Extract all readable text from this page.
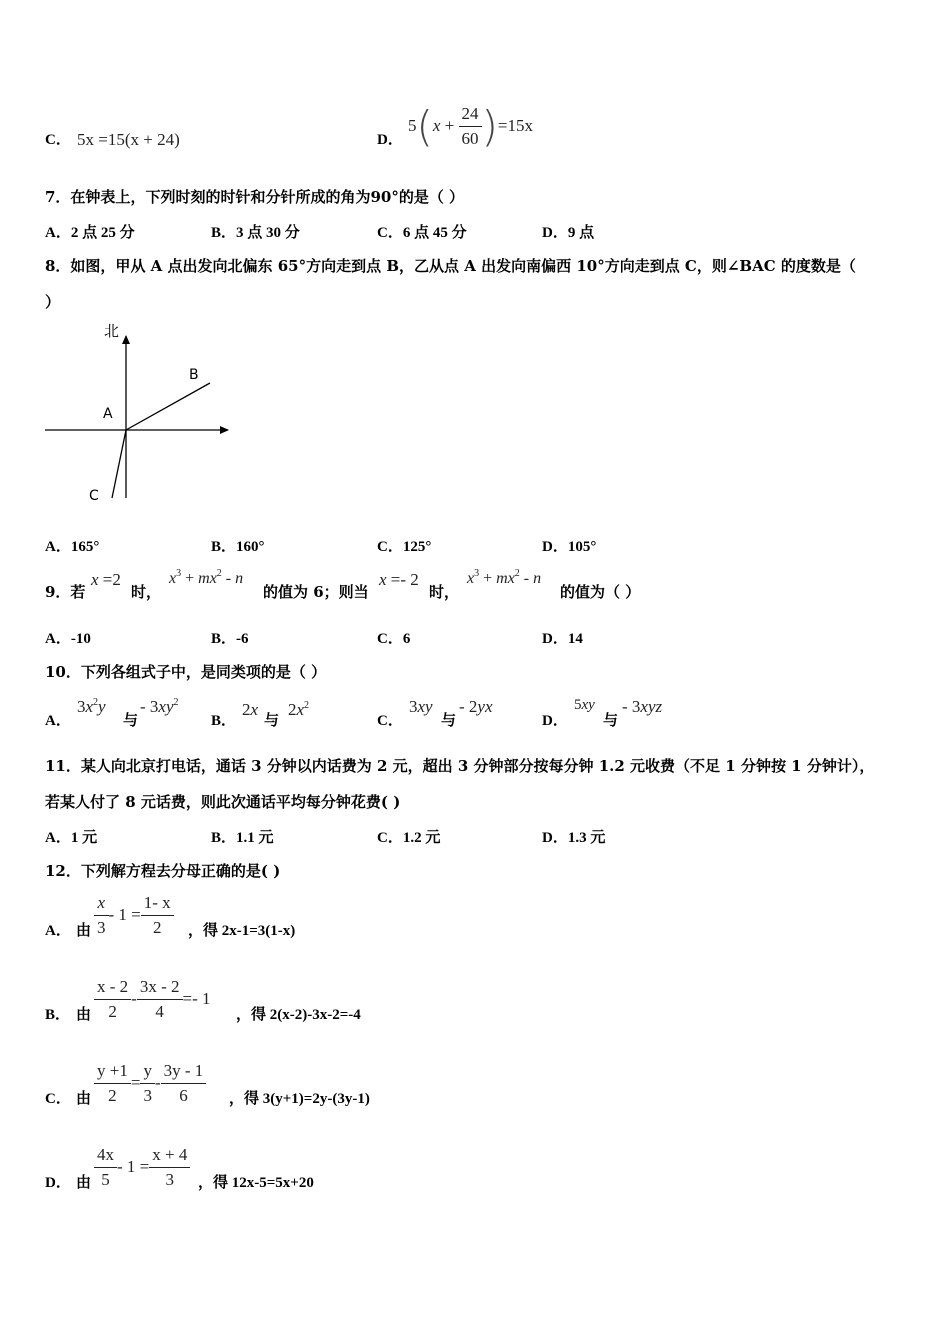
C． 5x =15(x + 24)	D．
$5(x + \frac{24}{60} )=15x$
7．在钟表上，下列时刻的时针和分针所成的角为90°的是（ ）
A．2 点 25 分	B．3 点 30 分	C．6 点 45 分	D．9 点
8．如图，甲从 A 点出发向北偏东 65°方向走到点 B，乙从点 A 出发向南偏西 10°方向走到点 C，则∠BAC 的度数是（
）
北
A
B
C
A．165°	B．160°	C．125°	D．105°
9．若
x =2
时，
$x^3 + mx^2 - n$
的值为 6；则当
x =- 2
时，
$x^3 + mx^2 - n$
的值为（ ）
A．-10	B．-6	C．6	D．14
10．下列各组式子中，是同类项的是（ ）
A．
$3x^2y$
与
- $3xy^2$
B．
2x
与
$2x^2$
C．
3xy
与
- 2yx
D．
5xy
与
- 3xyz
11．某人向北京打电话，通话 3 分钟以内话费为 2 元，超出 3 分钟部分按每分钟 1.2 元收费（不足 1 分钟按 1 分钟计），
若某人付了 8 元话费，则此次通话平均每分钟花费( )
A．1 元	B．1.1 元	C．1.2 元	D．1.3 元
12．下列解方程去分母正确的是( )
A． 由 $\frac{x}{3} - 1 = \frac{1- x}{2}$ ，得 2x-1=3(1-x)
B． 由 $\frac{x - 2}{2} - \frac{3x - 2}{4} =- 1$
，得 2(x-2)-3x-2=-4
C． 由 $\frac{y +1}{2} = \frac{y}{3} - \frac{3y - 1}{6}$ ，得 3(y+1)=2y-(3y-1)
D． 由 $\frac{4x}{5} - 1 = \frac{x + 4}{3}$ ，得 12x-5=5x+20
